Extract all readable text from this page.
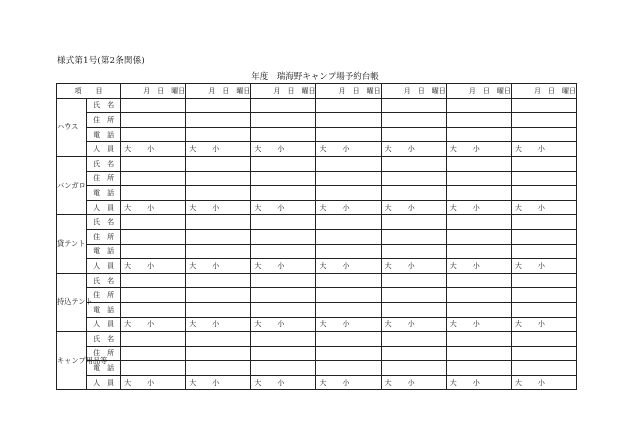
様式第1号(第2条関係)
年度　瑞海野キャンプ場予約台帳
項　　目		月　日　曜日	月　日　曜日	月　日　曜日	月　日　曜日	月　日　曜日	月　日　曜日	月　日　曜日
ハウス	氏　名							
	住　所							
	電　話							
	人　員	大 小	大 小	大 小	大 小	大 小	大 小	大 小
バンガロー	氏　名							
	住　所							
	電　話							
	人　員	大 小	大 小	大 小	大 小	大 小	大 小	大 小
貸テント	氏　名							
	住　所							
	電　話							
	人　員	大 小	大 小	大 小	大 小	大 小	大 小	大 小
持込テント	氏　名							
	住　所							
	電　話							
	人　員	大 小	大 小	大 小	大 小	大 小	大 小	大 小
キャンプ用品等	氏　名							
	住　所							
	電　話							
	人　員	大 小	大 小	大 小	大 小	大 小	大 小	大 小
